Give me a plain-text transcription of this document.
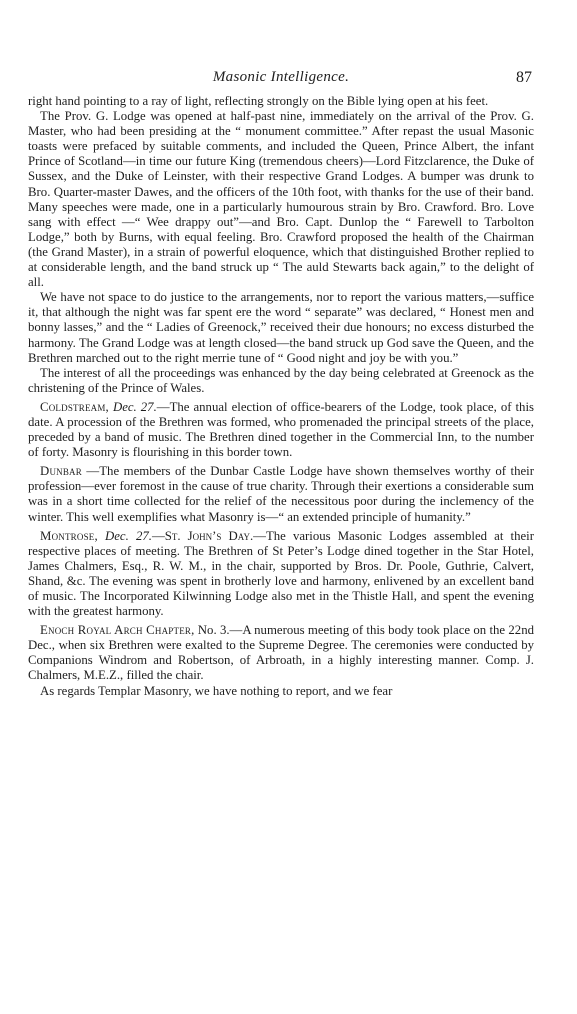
Masonic Intelligence.	87

right hand pointing to a ray of light, reflecting strongly on the Bible lying open at his feet.

The Prov. G. Lodge was opened at half-past nine, immediately on the arrival of the Prov. G. Master, who had been presiding at the “ monument committee.” After repast the usual Masonic toasts were prefaced by suitable comments, and included the Queen, Prince Albert, the infant Prince of Scotland—in time our future King (tremendous cheers)—Lord Fitzclarence, the Duke of Sussex, and the Duke of Leinster, with their respective Grand Lodges. A bumper was drunk to Bro. Quarter-master Dawes, and the officers of the 10th foot, with thanks for the use of their band. Many speeches were made, one in a particularly humourous strain by Bro. Crawford. Bro. Love sang with effect —“ Wee drappy out”—and Bro. Capt. Dunlop the “ Farewell to Tarbolton Lodge,” both by Burns, with equal feeling. Bro. Crawford proposed the health of the Chairman (the Grand Master), in a strain of powerful eloquence, which that distinguished Brother replied to at considerable length, and the band struck up “ The auld Stewarts back again,” to the delight of all.

We have not space to do justice to the arrangements, nor to report the various matters,—suffice it, that although the night was far spent ere the word “ separate” was declared, “ Honest men and bonny lasses,” and the “ Ladies of Greenock,” received their due honours; no excess disturbed the harmony. The Grand Lodge was at length closed—the band struck up God save the Queen, and the Brethren marched out to the right merrie tune of “ Good night and joy be with you.”

The interest of all the proceedings was enhanced by the day being celebrated at Greenock as the christening of the Prince of Wales.

Coldstream, Dec. 27.—The annual election of office-bearers of the Lodge, took place, of this date. A procession of the Brethren was formed, who promenaded the principal streets of the place, preceded by a band of music. The Brethren dined together in the Commercial Inn, to the number of forty. Masonry is flourishing in this border town.

Dunbar —The members of the Dunbar Castle Lodge have shown themselves worthy of their profession—ever foremost in the cause of true charity. Through their exertions a considerable sum was in a short time collected for the relief of the necessitous poor during the inclemency of the winter. This well exemplifies what Masonry is—“ an extended principle of humanity.”

Montrose, Dec. 27.—St. John’s Day.—The various Masonic Lodges assembled at their respective places of meeting. The Brethren of St Peter’s Lodge dined together in the Star Hotel, James Chalmers, Esq., R. W. M., in the chair, supported by Bros. Dr. Poole, Guthrie, Calvert, Shand, &c. The evening was spent in brotherly love and harmony, enlivened by an excellent band of music. The Incorporated Kilwinning Lodge also met in the Thistle Hall, and spent the evening with the greatest harmony.

Enoch Royal Arch Chapter, No. 3.—A numerous meeting of this body took place on the 22nd Dec., when six Brethren were exalted to the Supreme Degree. The ceremonies were conducted by Companions Windrom and Robertson, of Arbroath, in a highly interesting manner. Comp. J. Chalmers, M.E.Z., filled the chair.

As regards Templar Masonry, we have nothing to report, and we fear
